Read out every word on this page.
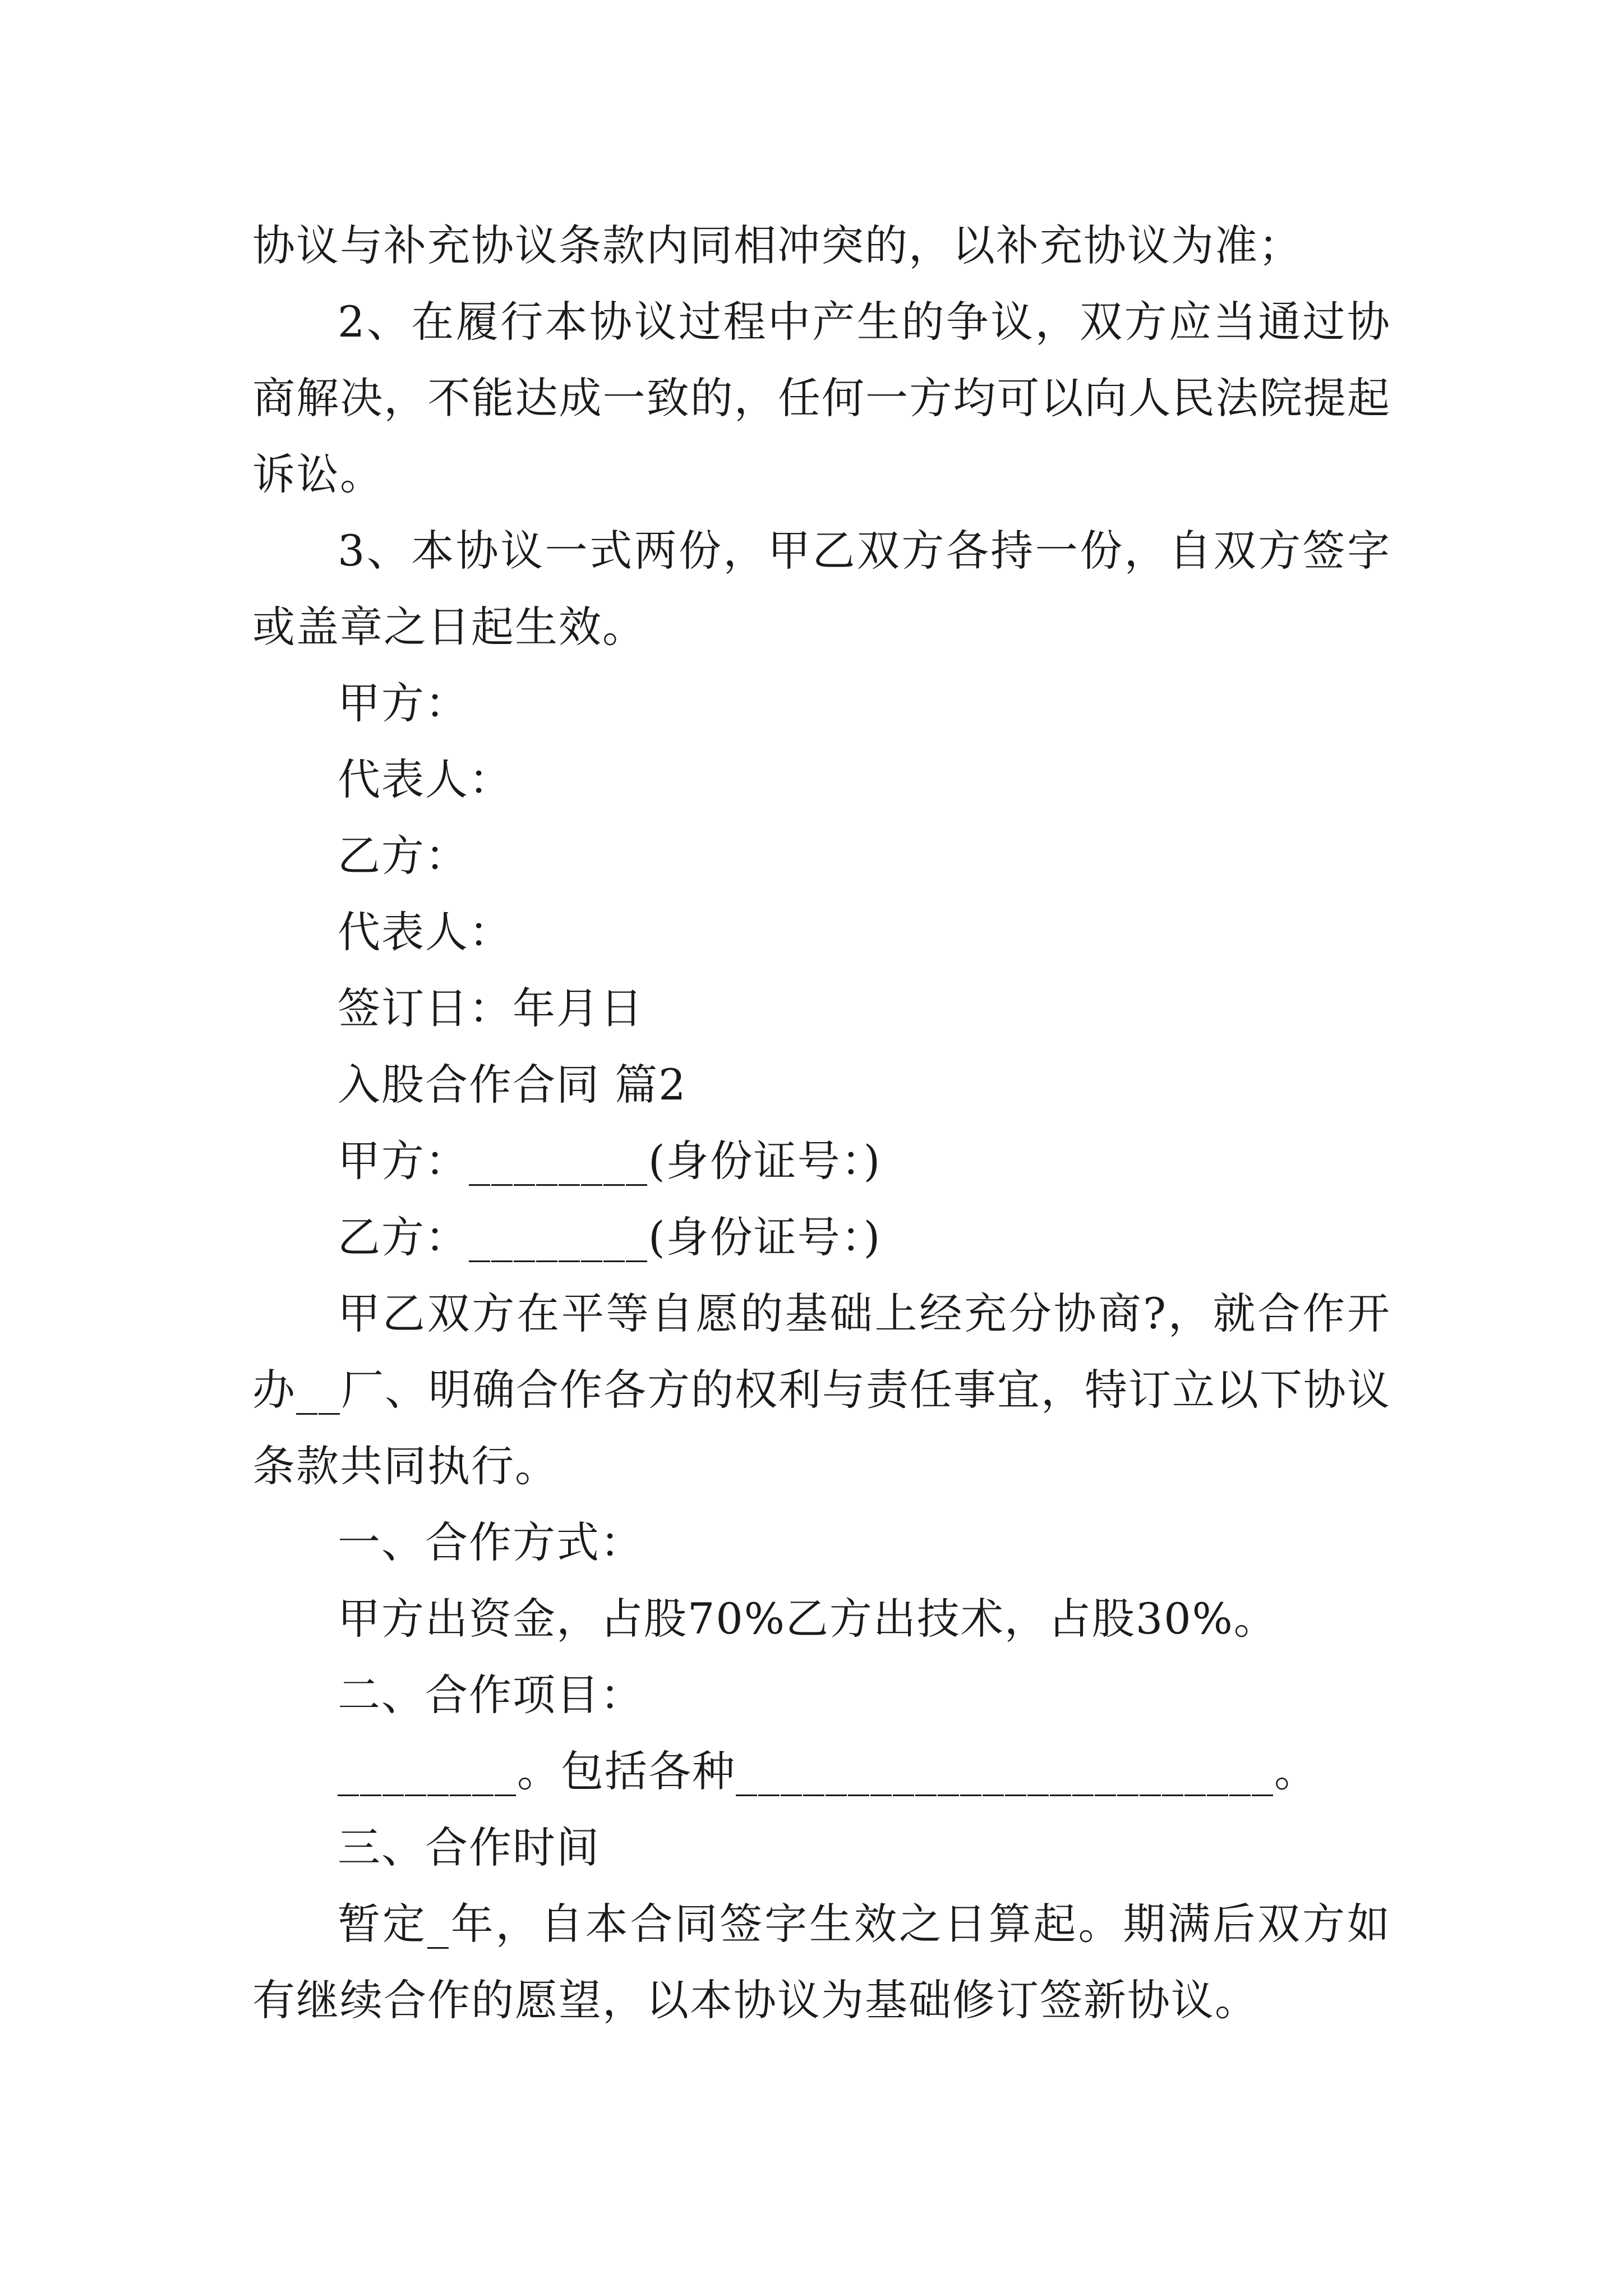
协议与补充协议条款内同相冲突的，以补充协议为准；

2、在履行本协议过程中产生的争议，双方应当通过协商解决，不能达成一致的，任何一方均可以向人民法院提起诉讼。

3、本协议一式两份，甲乙双方各持一份，自双方签字或盖章之日起生效。

甲方：

代表人：

乙方：

代表人：

签订日：年月日

入股合作合同 篇2

甲方：________(身份证号：)

乙方：________(身份证号：)

甲乙双方在平等自愿的基础上经充分协商?，就合作开办__厂、明确合作各方的权利与责任事宜，特订立以下协议条款共同执行。

一、合作方式：

甲方出资金，占股70%乙方出技术，占股30%。

二、合作项目：

________。包括各种________________________。

三、合作时间

暂定_年，自本合同签字生效之日算起。期满后双方如有继续合作的愿望，以本协议为基础修订签新协议。
